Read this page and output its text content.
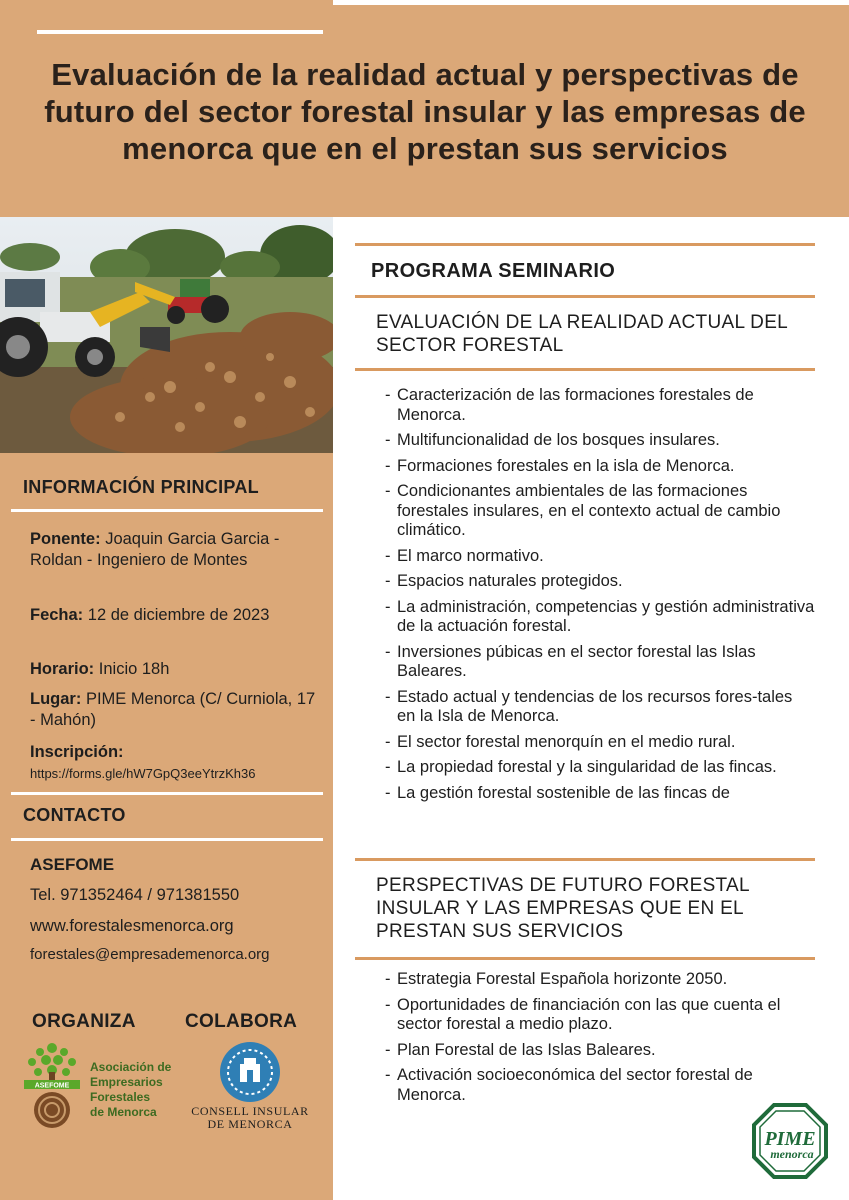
Evaluación de la realidad actual y perspectivas de futuro del sector forestal insular y las empresas de menorca que en el prestan sus servicios
INFORMACIÓN PRINCIPAL
Ponente: Joaquin Garcia Garcia - Roldan - Ingeniero de Montes
Fecha: 12 de diciembre de 2023
Horario: Inicio 18h
Lugar: PIME Menorca (C/ Curniola, 17 - Mahón)
Inscripción:
https://forms.gle/hW7GpQ3eeYtrzKh36
CONTACTO
ASEFOME
Tel. 971352464 / 971381550
www.forestalesmenorca.org
forestales@empresademenorca.org
ORGANIZA	COLABORA
ASEFOME
Asociación de
Empresarios
Forestales
de Menorca	CONSELL INSULAR
DE MENORCA
PROGRAMA SEMINARIO
EVALUACIÓN DE LA REALIDAD ACTUAL DEL SECTOR FORESTAL
- Caracterización de las formaciones forestales de Menorca.
- Multifuncionalidad de los bosques insulares.
- Formaciones forestales en la isla de Menorca.
- Condicionantes ambientales de las formaciones forestales insulares, en el contexto actual de cambio climático.
- El marco normativo.
- Espacios naturales protegidos.
- La administración, competencias y gestión administrativa de la actuación forestal.
- Inversiones púbicas en el sector forestal las Islas Baleares.
- Estado actual y tendencias de los recursos fores-tales en la Isla de Menorca.
- El sector forestal menorquín en el medio rural.
- La propiedad forestal y la singularidad de las fincas.
- La gestión forestal sostenible de las fincas de
PERSPECTIVAS DE FUTURO FORESTAL INSULAR Y LAS EMPRESAS QUE EN EL PRESTAN SUS SERVICIOS
- Estrategia Forestal Española horizonte 2050.
- Oportunidades de financiación con las que cuenta el sector forestal a medio plazo.
- Plan Forestal de las Islas Baleares.
- Activación socioeconómica del sector forestal de Menorca.
PIME
menorca
